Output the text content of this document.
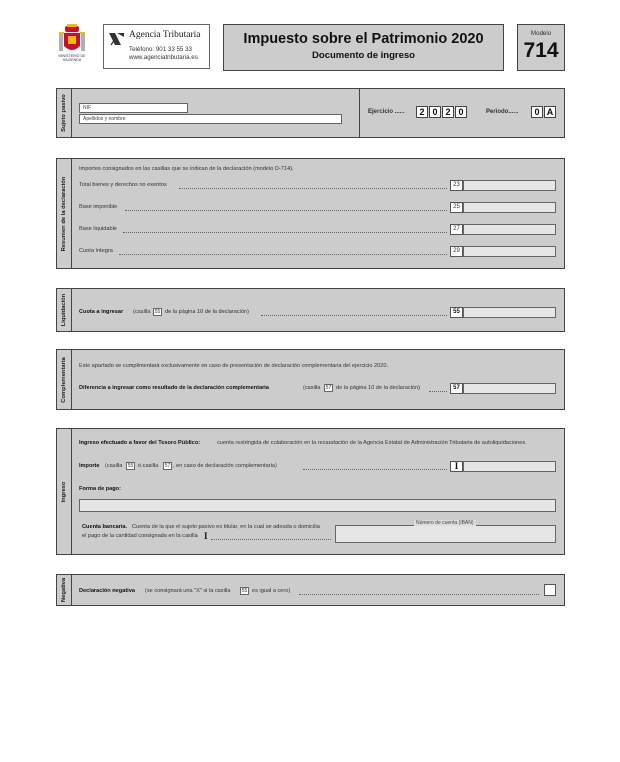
MINISTERIO DE HACIENDA
Agencia Tributaria
Teléfono: 901 33 55 33
www.agenciatributaria.es
Impuesto sobre el Patrimonio 2020
Documento de ingreso
Modelo
714
Sujeto pasivo	NIF
Apellidos y nombre
Ejercicio ......	2 0 2 0	Periodo......	0 A
Resumen de la declaración
Importes consignados en las casillas que se indican de la declaración (modelo D-714).
Total bienes y derechos no exentos	23
Base imponible	25
Base liquidable	27
Cuota íntegra	29
Liquidación Cuota a ingresar (casilla 55 de la página 10 de la declaración)	55
Complementaria Este apartado se cumplimentará exclusivamente en caso de presentación de declaración complementaria del ejercicio 2020.
Diferencia a ingresar como resultado de la declaración complementaria	(casilla	57 de la página 10 de la declaración)	57
Ingreso
Ingreso efectuado a favor del Tesoro Público:	cuenta restringida de colaboración en la recaudación de la Agencia Estatal de Administración Tributaria de autoliquidaciones.
Importe (casilla	55 ó casilla	57 , en caso de declaración complementaria)	I
Forma de pago:
Cuenta bancaria. Cuenta de la que el sujeto pasivo es titular, en la cual se adeuda o domicilia
el pago de la cantidad consignada en la casilla I
Número de cuenta (IBAN)
Negativa Declaración negativa (se consignará una "X" si la casilla	55 es igual a cero)
